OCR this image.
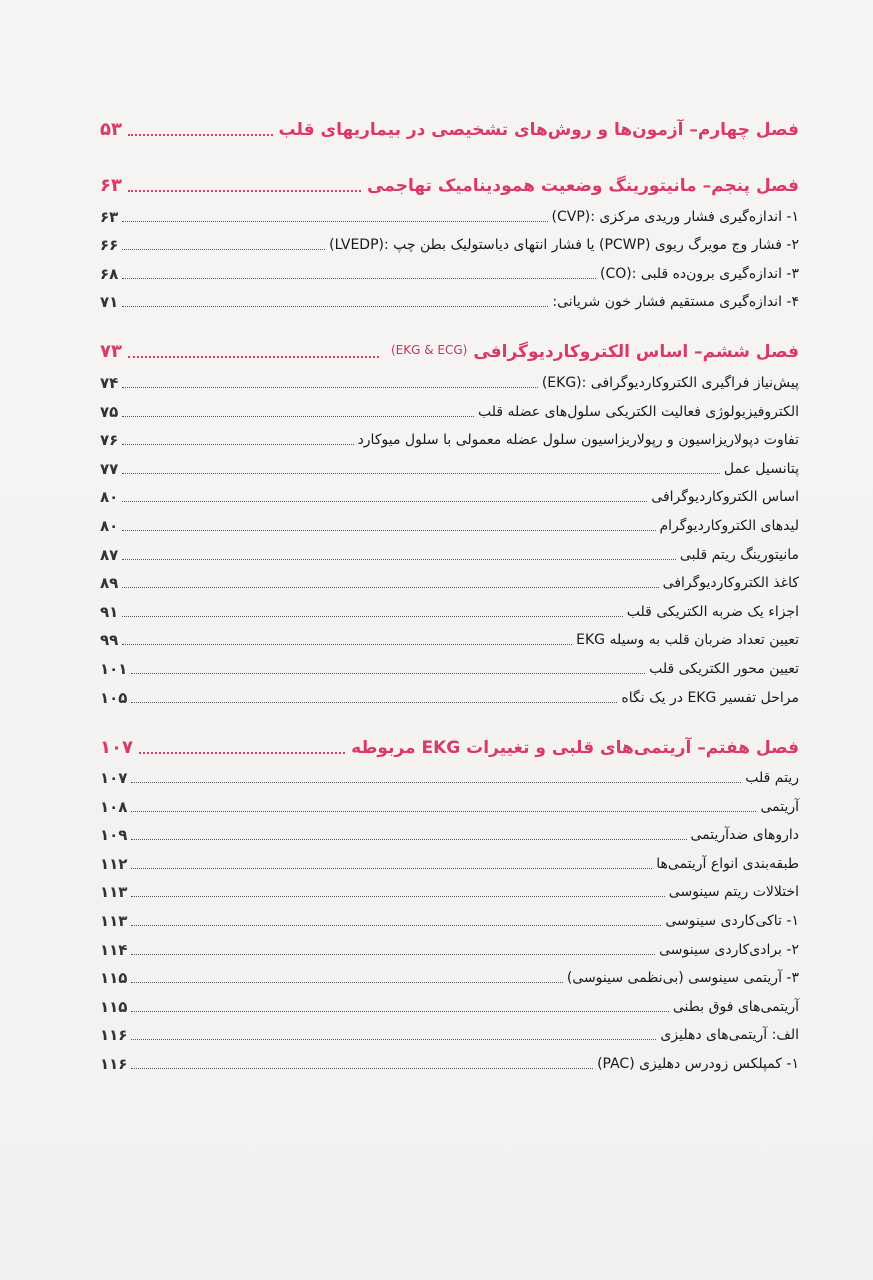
فصل چهارم– آزمون‌ها و روش‌های تشخیصی در بیماریهای قلب
۵۳
فصل پنجم– مانیتورینگ وضعیت همودینامیک تهاجمی
۶۳
۱- اندازه‌گیری فشار وریدی مرکزی :(CVP)
۶۳
۲- فشار وج مویرگ ریوی (PCWP) یا فشار انتهای دیاستولیک بطن چپ :(LVEDP)
۶۶
۳- اندازه‌گیری برون‌ده قلبی :(CO)
۶۸
۴- اندازه‌گیری مستقیم فشار خون شریانی:
۷۱
فصل ششم– اساس الکتروکاردیوگرافی
(EKG & ECG)
۷۳
پیش‌نیاز فراگیری الکتروکاردیوگرافی :(EKG)
۷۴
الکتروفیزیولوژی فعالیت الکتریکی سلول‌های عضله قلب
۷۵
تفاوت دپولاریزاسیون و رپولاریزاسیون سلول عضله معمولی با سلول میوکارد
۷۶
پتانسیل عمل
۷۷
اساس الکتروکاردیوگرافی
۸۰
لیدهای الکتروکاردیوگرام
۸۰
مانیتورینگ ریتم قلبی
۸۷
کاغذ الکتروکاردیوگرافی
۸۹
اجزاء یک ضربه الکتریکی قلب
۹۱
تعیین تعداد ضربان قلب به وسیله EKG
۹۹
تعیین محور الکتریکی قلب
۱۰۱
مراحل تفسیر EKG در یک نگاه
۱۰۵
فصل هفتم– آریتمی‌های قلبی و تغییرات EKG مربوطه
۱۰۷
ریتم قلب
۱۰۷
آریتمی
۱۰۸
داروهای ضدآریتمی
۱۰۹
طبقه‌بندی انواع آریتمی‌ها
۱۱۲
اختلالات ریتم سینوسی
۱۱۳
۱- تاکی‌کاردی سینوسی
۱۱۳
۲- برادی‌کاردی سینوسی
۱۱۴
۳- آریتمی سینوسی (بی‌نظمی سینوسی)
۱۱۵
آریتمی‌های فوق بطنی
۱۱۵
الف: آریتمی‌های دهلیزی
۱۱۶
۱- کمپلکس زودرس دهلیزی (PAC)
۱۱۶
